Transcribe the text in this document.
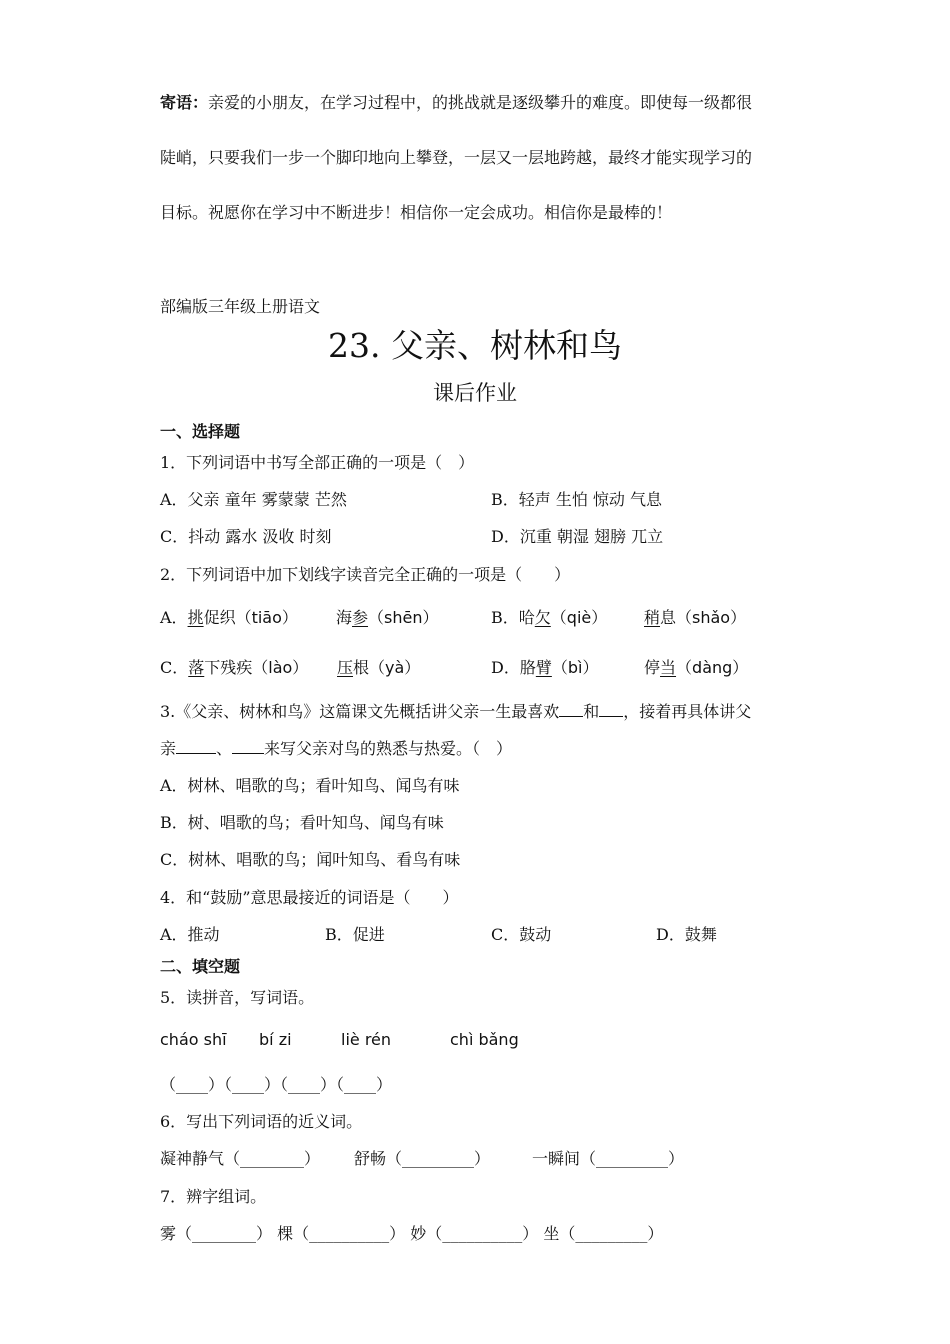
寄语：亲爱的小朋友，在学习过程中，的挑战就是逐级攀升的难度。即使每一级都很
陡峭，只要我们一步一个脚印地向上攀登，一层又一层地跨越，最终才能实现学习的
目标。祝愿你在学习中不断进步！相信你一定会成功。相信你是最棒的！
部编版三年级上册语文
23. 父亲、树林和鸟
课后作业
一、选择题
1．下列词语中书写全部正确的一项是（　）
A．父亲 童年 雾蒙蒙 芒然	B．轻声 生怕 惊动 气息
C．抖动 露水 汲收 时刻	D．沉重 朝湿 翅膀 兀立
2．下列词语中加下划线字读音完全正确的一项是（　　）
A．挑促织（tiāo） 海参（shēn）	B．哈欠（qiè） 稍息（shǎo）
C．落下残疾（lào） 压根（yà）	D．胳臂（bì）	停当（dàng）
3.《父亲、树林和鸟》这篇课文先概括讲父亲一生最喜欢 和 ，接着再具体讲父
亲	、 来写父亲对鸟的熟悉与热爱。（　）
A．树林、唱歌的鸟；看叶知鸟、闻鸟有味
B．树、唱歌的鸟；看叶知鸟、闻鸟有味
C．树林、唱歌的鸟；闻叶知鸟、看鸟有味
4．和“鼓励”意思最接近的词语是（　　）
A．推动	B．促进	C．鼓动	D．鼓舞
二、填空题
5．读拼音，写词语。
cháo shī bí zi	liè rén	chì bǎng
（____）（____）（____）（____）
6．写出下列词语的近义词。
凝神静气（________） 舒畅（_________）	一瞬间（_________）
7．辨字组词。
雾（________） 棵（__________） 妙（__________） 坐（_________）
